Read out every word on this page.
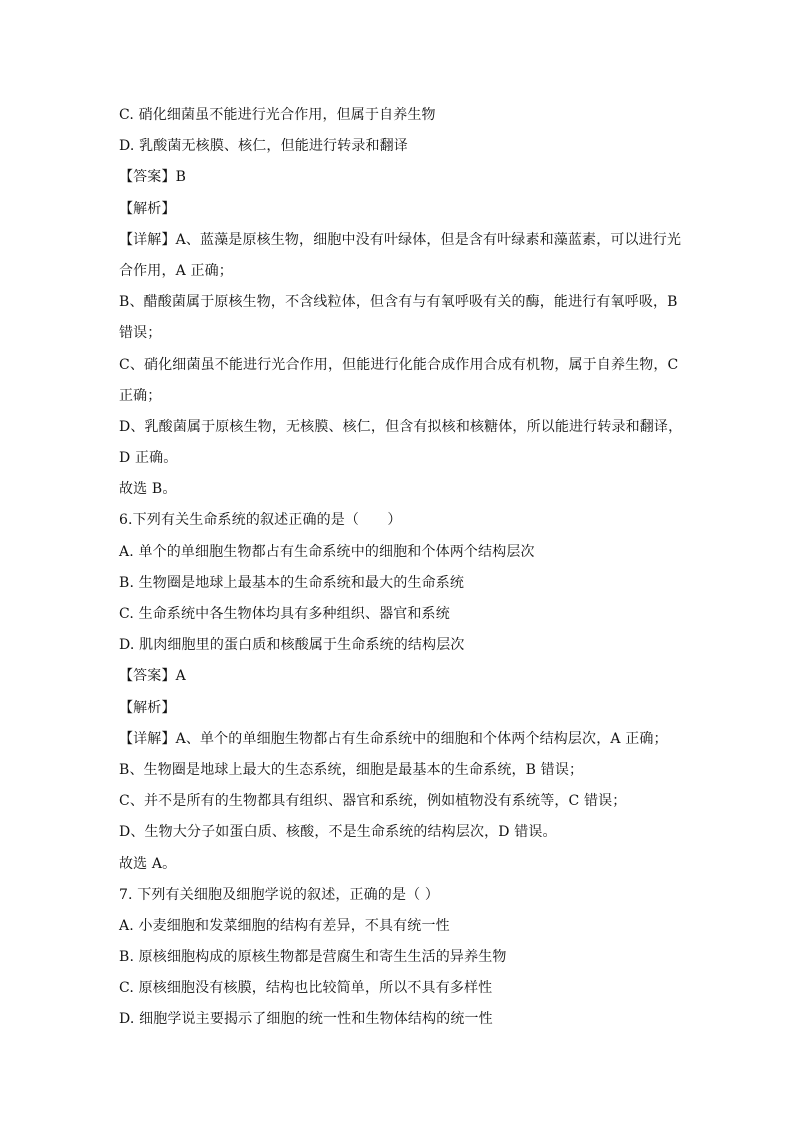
C. 硝化细菌虽不能进行光合作用，但属于自养生物
D. 乳酸菌无核膜、核仁，但能进行转录和翻译
【答案】B
【解析】
【详解】A、蓝藻是原核生物，细胞中没有叶绿体，但是含有叶绿素和藻蓝素，可以进行光
合作用，A 正确；
B、醋酸菌属于原核生物，不含线粒体，但含有与有氧呼吸有关的酶，能进行有氧呼吸，B
错误；
C、硝化细菌虽不能进行光合作用，但能进行化能合成作用合成有机物，属于自养生物，C
正确；
D、乳酸菌属于原核生物，无核膜、核仁，但含有拟核和核糖体，所以能进行转录和翻译，
D 正确。
故选 B。
6.下列有关生命系统的叙述正确的是（　　）
A. 单个的单细胞生物都占有生命系统中的细胞和个体两个结构层次
B. 生物圈是地球上最基本的生命系统和最大的生命系统
C. 生命系统中各生物体均具有多种组织、器官和系统
D. 肌肉细胞里的蛋白质和核酸属于生命系统的结构层次
【答案】A
【解析】
【详解】A、单个的单细胞生物都占有生命系统中的细胞和个体两个结构层次，A 正确；
B、生物圈是地球上最大的生态系统，细胞是最基本的生命系统，B 错误；
C、并不是所有的生物都具有组织、器官和系统，例如植物没有系统等，C 错误；
D、生物大分子如蛋白质、核酸，不是生命系统的结构层次，D 错误。
故选 A。
7. 下列有关细胞及细胞学说的叙述，正确的是（ ）
A. 小麦细胞和发菜细胞的结构有差异，不具有统一性
B. 原核细胞构成的原核生物都是营腐生和寄生生活的异养生物
C. 原核细胞没有核膜，结构也比较简单，所以不具有多样性
D. 细胞学说主要揭示了细胞的统一性和生物体结构的统一性
